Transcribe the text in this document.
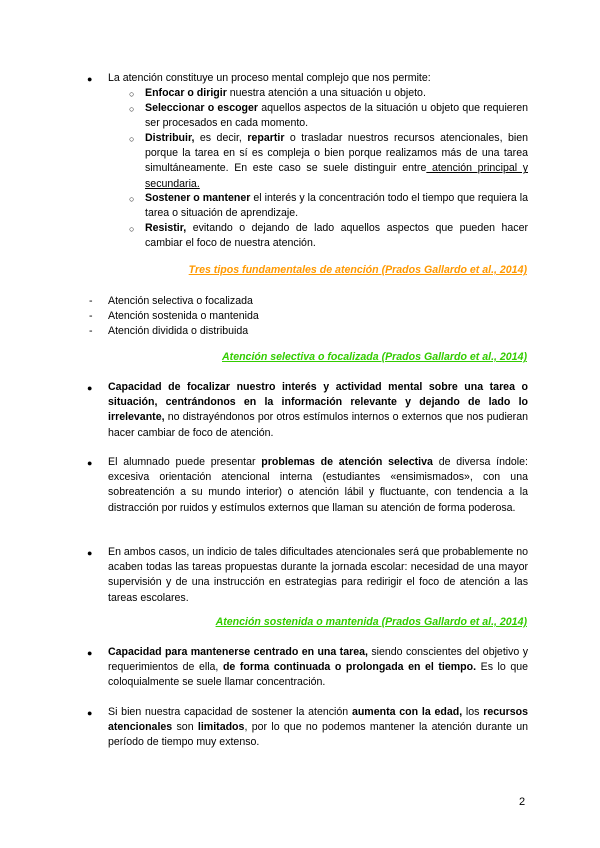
● La atención constituye un proceso mental complejo que nos permite:
○ Enfocar o dirigir nuestra atención a una situación u objeto.
○ Seleccionar o escoger aquellos aspectos de la situación u objeto que requieren ser procesados en cada momento.
○ Distribuir, es decir, repartir o trasladar nuestros recursos atencionales, bien porque la tarea en sí es compleja o bien porque realizamos más de una tarea simultáneamente. En este caso se suele distinguir entre atención principal y secundaria.
○ Sostener o mantener el interés y la concentración todo el tiempo que requiera la tarea o situación de aprendizaje.
○ Resistir, evitando o dejando de lado aquellos aspectos que pueden hacer cambiar el foco de nuestra atención.
Tres tipos fundamentales de atención (Prados Gallardo et al., 2014)
- Atención selectiva o focalizada
- Atención sostenida o mantenida
- Atención dividida o distribuida
Atención selectiva o focalizada (Prados Gallardo et al., 2014)
● Capacidad de focalizar nuestro interés y actividad mental sobre una tarea o situación, centrándonos en la información relevante y dejando de lado lo irrelevante, no distrayéndonos por otros estímulos internos o externos que nos pudieran hacer cambiar de foco de atención.
● El alumnado puede presentar problemas de atención selectiva de diversa índole: excesiva orientación atencional interna (estudiantes «ensimismados», con una sobreatención a su mundo interior) o atención lábil y fluctuante, con tendencia a la distracción por ruidos y estímulos externos que llaman su atención de forma poderosa.
● En ambos casos, un indicio de tales dificultades atencionales será que probablemente no acaben todas las tareas propuestas durante la jornada escolar: necesidad de una mayor supervisión y de una instrucción en estrategias para redirigir el foco de atención a las tareas escolares.
Atención sostenida o mantenida (Prados Gallardo et al., 2014)
● Capacidad para mantenerse centrado en una tarea, siendo conscientes del objetivo y requerimientos de ella, de forma continuada o prolongada en el tiempo. Es lo que coloquialmente se suele llamar concentración.
● Si bien nuestra capacidad de sostener la atención aumenta con la edad, los recursos atencionales son limitados, por lo que no podemos mantener la atención durante un período de tiempo muy extenso.
2
